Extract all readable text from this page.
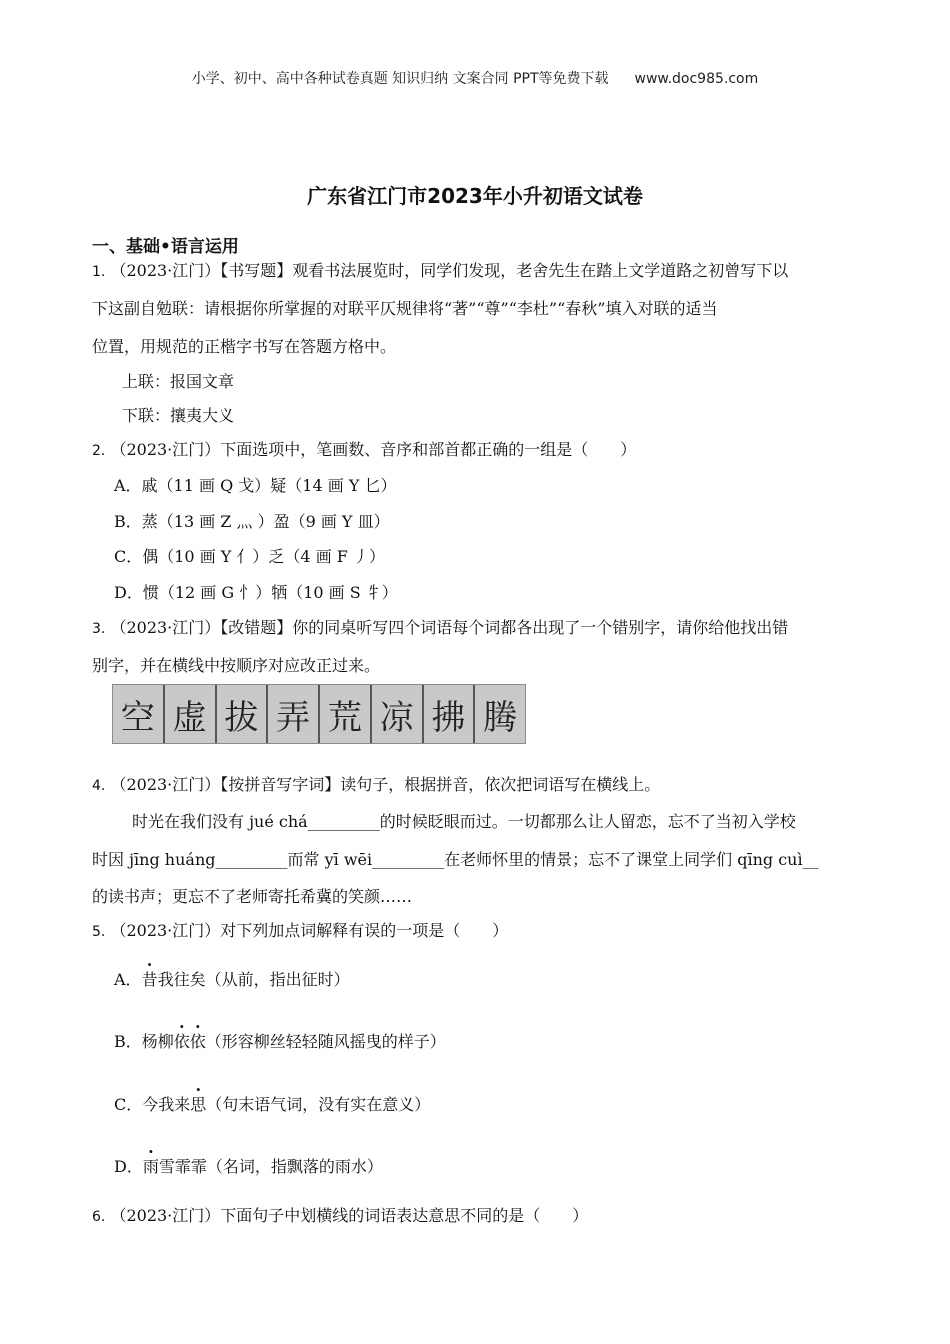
小学、初中、高中各种试卷真题 知识归纳 文案合同 PPT等免费下载 www.doc985.com
广东省江门市2023年小升初语文试卷
一、基础•语言运用
1. （2023·江门）【书写题】观看书法展览时，同学们发现，老舍先生在踏上文学道路之初曾写下以
下这副自勉联：请根据你所掌握的对联平仄规律将“著”“尊”“李杜”“春秋”填入对联的适当
位置，用规范的正楷字书写在答题方格中。
上联：报国文章
下联：攘夷大义
2. （2023·江门）下面选项中，笔画数、音序和部首都正确的一组是（　　）
A．戚（11 画 Q 戈）疑（14 画 Y 匕）
B．蒸（13 画 Z 灬 ）盈（9 画 Y 皿）
C．偶（10 画 Y 亻）乏（4 画 F 丿）
D．惯（12 画 G 忄）牺（10 画 S 牜）
3. （2023·江门）【改错题】你的同桌听写四个词语每个词都各出现了一个错别字，请你给他找出错
别字，并在横线中按顺序对应改正过来。
空 虚 拔 弄 荒 凉 拂 腾
4. （2023·江门）【按拼音写字词】读句子，根据拼音，依次把词语写在横线上。
时光在我们没有 jué chá_________的时候眨眼而过。一切都那么让人留恋，忘不了当初入学校
时因 jīng huáng_________而常 yī wēi_________在老师怀里的情景；忘不了课堂上同学们 qīng cuì__
的读书声；更忘不了老师寄托希冀的笑颜……
5. （2023·江门）对下列加点词解释有误的一项是（　　）
A．昔我往矣（从前，指出征时）
B．杨柳依依（形容柳丝轻轻随风摇曳的样子）
C．今我来思（句末语气词，没有实在意义）
D．雨雪霏霏（名词，指飘落的雨水）
6. （2023·江门）下面句子中划横线的词语表达意思不同的是（　　）
